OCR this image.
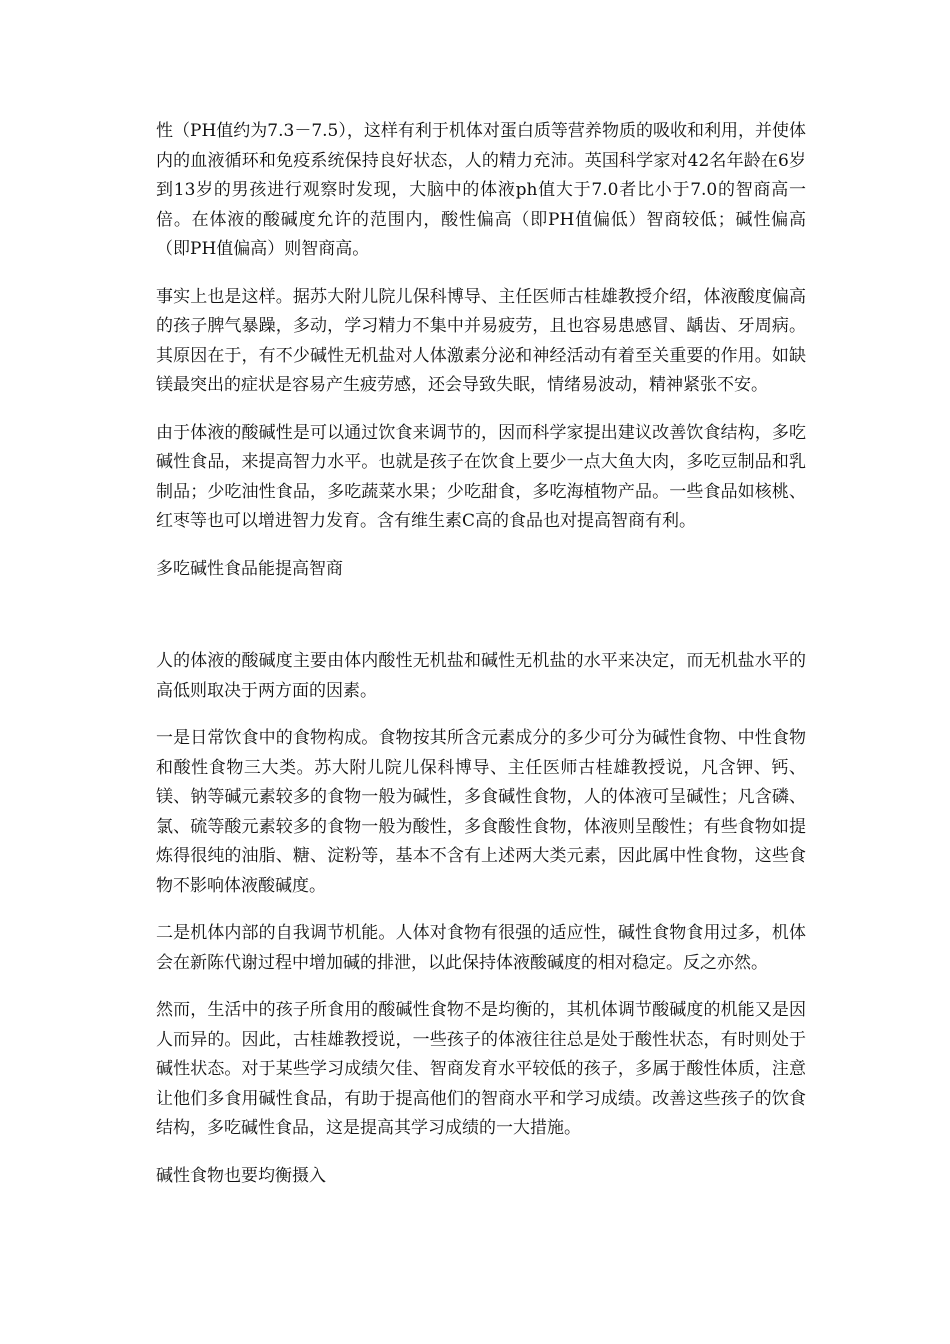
性（PH值约为7.3－7.5），这样有利于机体对蛋白质等营养物质的吸收和利用，并使体内的血液循环和免疫系统保持良好状态，人的精力充沛。英国科学家对42名年龄在6岁到13岁的男孩进行观察时发现，大脑中的体液ph值大于7.0者比小于7.0的智商高一倍。在体液的酸碱度允许的范围内，酸性偏高（即PH值偏低）智商较低；碱性偏高（即PH值偏高）则智商高。

事实上也是这样。据苏大附儿院儿保科博导、主任医师古桂雄教授介绍，体液酸度偏高的孩子脾气暴躁，多动，学习精力不集中并易疲劳，且也容易患感冒、龋齿、牙周病。其原因在于，有不少碱性无机盐对人体激素分泌和神经活动有着至关重要的作用。如缺镁最突出的症状是容易产生疲劳感，还会导致失眠，情绪易波动，精神紧张不安。

由于体液的酸碱性是可以通过饮食来调节的，因而科学家提出建议改善饮食结构，多吃碱性食品，来提高智力水平。也就是孩子在饮食上要少一点大鱼大肉，多吃豆制品和乳制品；少吃油性食品，多吃蔬菜水果；少吃甜食，多吃海植物产品。一些食品如核桃、红枣等也可以增进智力发育。含有维生素C高的食品也对提高智商有利。

多吃碱性食品能提高智商

人的体液的酸碱度主要由体内酸性无机盐和碱性无机盐的水平来决定，而无机盐水平的高低则取决于两方面的因素。

一是日常饮食中的食物构成。食物按其所含元素成分的多少可分为碱性食物、中性食物和酸性食物三大类。苏大附儿院儿保科博导、主任医师古桂雄教授说，凡含钾、钙、镁、钠等碱元素较多的食物一般为碱性，多食碱性食物，人的体液可呈碱性；凡含磷、氯、硫等酸元素较多的食物一般为酸性，多食酸性食物，体液则呈酸性；有些食物如提炼得很纯的油脂、糖、淀粉等，基本不含有上述两大类元素，因此属中性食物，这些食物不影响体液酸碱度。

二是机体内部的自我调节机能。人体对食物有很强的适应性，碱性食物食用过多，机体会在新陈代谢过程中增加碱的排泄，以此保持体液酸碱度的相对稳定。反之亦然。

然而，生活中的孩子所食用的酸碱性食物不是均衡的，其机体调节酸碱度的机能又是因人而异的。因此，古桂雄教授说，一些孩子的体液往往总是处于酸性状态，有时则处于碱性状态。对于某些学习成绩欠佳、智商发育水平较低的孩子，多属于酸性体质，注意让他们多食用碱性食品，有助于提高他们的智商水平和学习成绩。改善这些孩子的饮食结构，多吃碱性食品，这是提高其学习成绩的一大措施。

碱性食物也要均衡摄入
